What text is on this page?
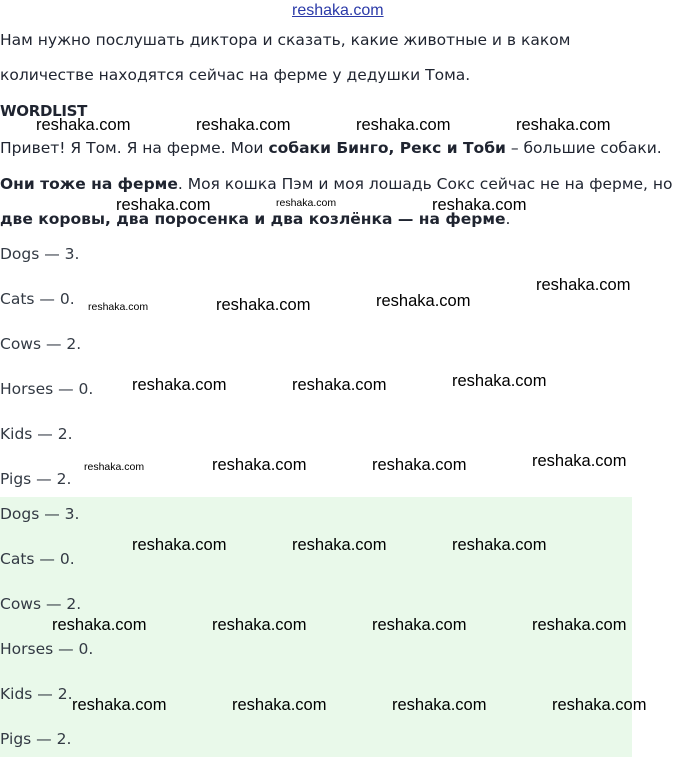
reshaka.com
Нам нужно послушать диктора и сказать, какие животные и в каком
количестве находятся сейчас на ферме у дедушки Тома.
WORDLIST
Привет! Я Том. Я на ферме. Мои собаки Бинго, Рекс и Тоби – большие собаки.
Они тоже на ферме. Моя кошка Пэм и моя лошадь Сокс сейчас не на ферме, но
две коровы, два поросенка и два козлёнка — на ферме.
Dogs — 3.
Cats — 0.
Cows — 2.
Horses — 0.
Kids — 2.
Pigs — 2.
Dogs — 3.
Cats — 0.
Cows — 2.
Horses — 0.
Kids — 2.
Pigs — 2.
reshaka.com	reshaka.com	reshaka.com	reshaka.com
reshaka.com	reshaka.com	reshaka.com
reshaka.com	reshaka.com	reshaka.com
reshaka.com
reshaka.com	reshaka.com	reshaka.com
reshaka.com	reshaka.com	reshaka.com	reshaka.com
reshaka.com	reshaka.com	reshaka.com
reshaka.com	reshaka.com	reshaka.com	reshaka.com
reshaka.com	reshaka.com	reshaka.com	reshaka.com
